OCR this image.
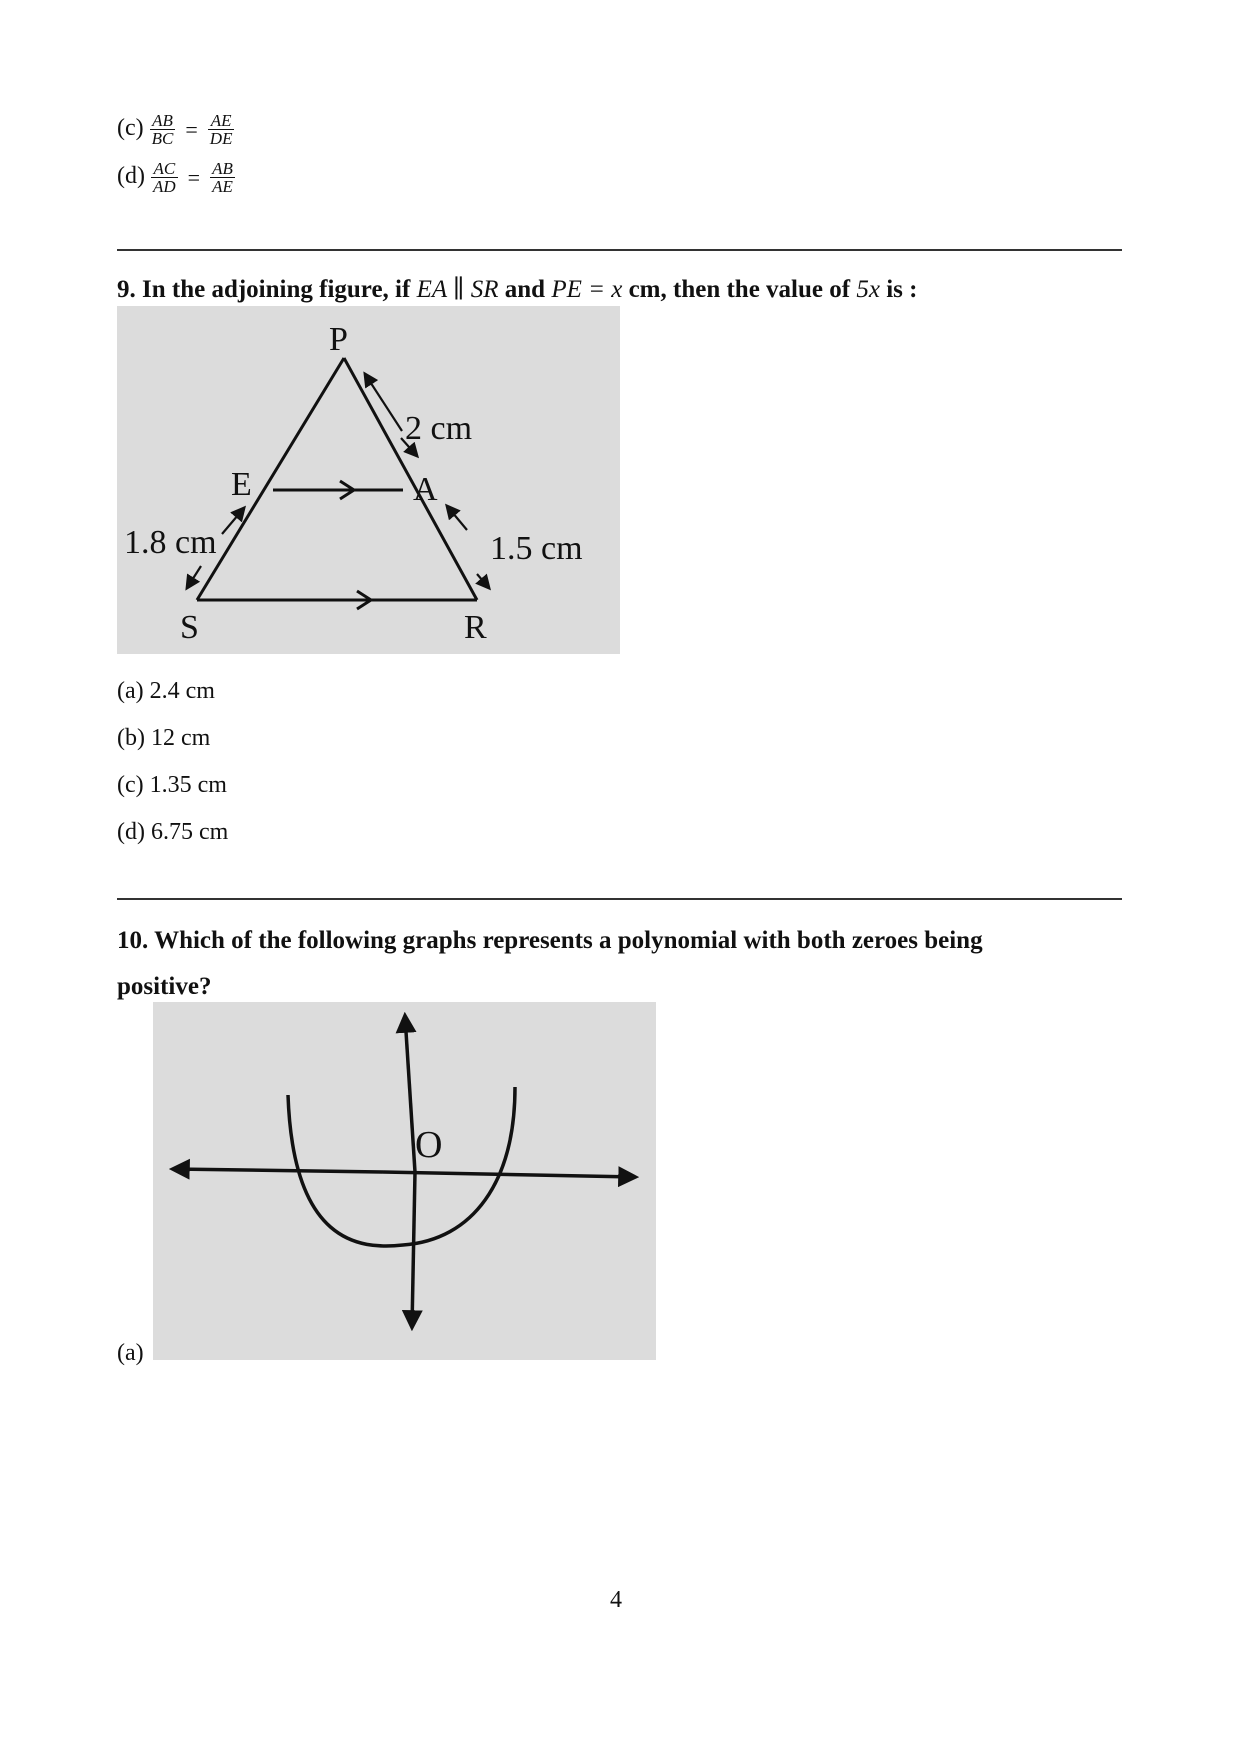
$(c) \frac{AB}{BC} = \frac{AE}{DE}$
$(d) \frac{AC}{AD} = \frac{AB}{AE}$
9. In the adjoining figure, if EA ∥ SR and PE = x cm, then the value of 5x is :
P
E	A
S	R
2 cm
1.8 cm	1.5 cm
(a) 2.4 cm
(b) 12 cm
(c) 1.35 cm
(d) 6.75 cm
10. Which of the following graphs represents a polynomial with both zeroes being
positive?
O
(a)
4
